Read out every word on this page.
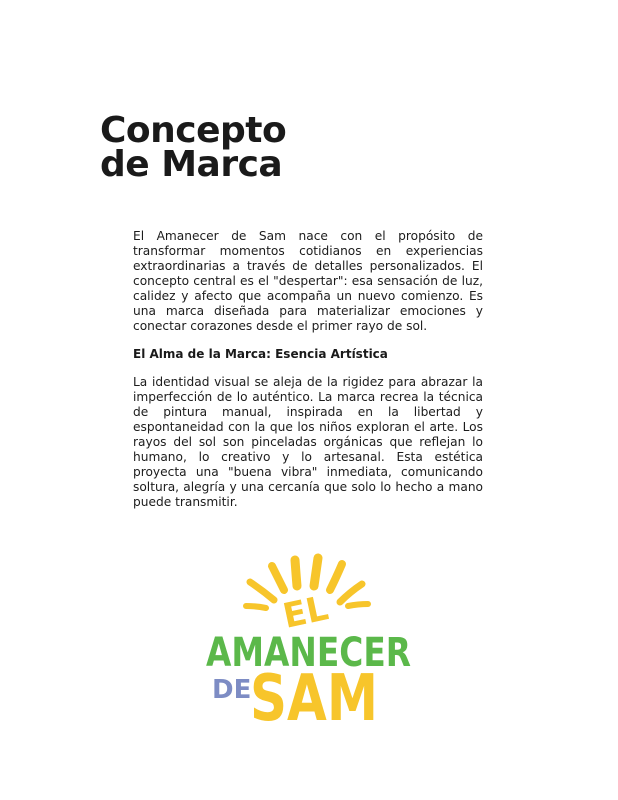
Concepto
de Marca

El Amanecer de Sam nace con el propósito de transformar momentos cotidianos en experiencias extraordinarias a través de detalles personalizados. El concepto central es el "despertar": esa sensación de luz, calidez y afecto que acompaña un nuevo comienzo. Es una marca diseñada para materializar emociones y conectar corazones desde el primer rayo de sol.

El Alma de la Marca: Esencia Artística

La identidad visual se aleja de la rigidez para abrazar la imperfección de lo auténtico. La marca recrea la técnica de pintura manual, inspirada en la libertad y espontaneidad con la que los niños exploran el arte. Los rayos del sol son pinceladas orgánicas que reflejan lo humano, lo creativo y lo artesanal. Esta estética proyecta una "buena vibra" inmediata, comunicando soltura, alegría y una cercanía que solo lo hecho a mano puede transmitir.

EL
AMANECER
DE
SAM
